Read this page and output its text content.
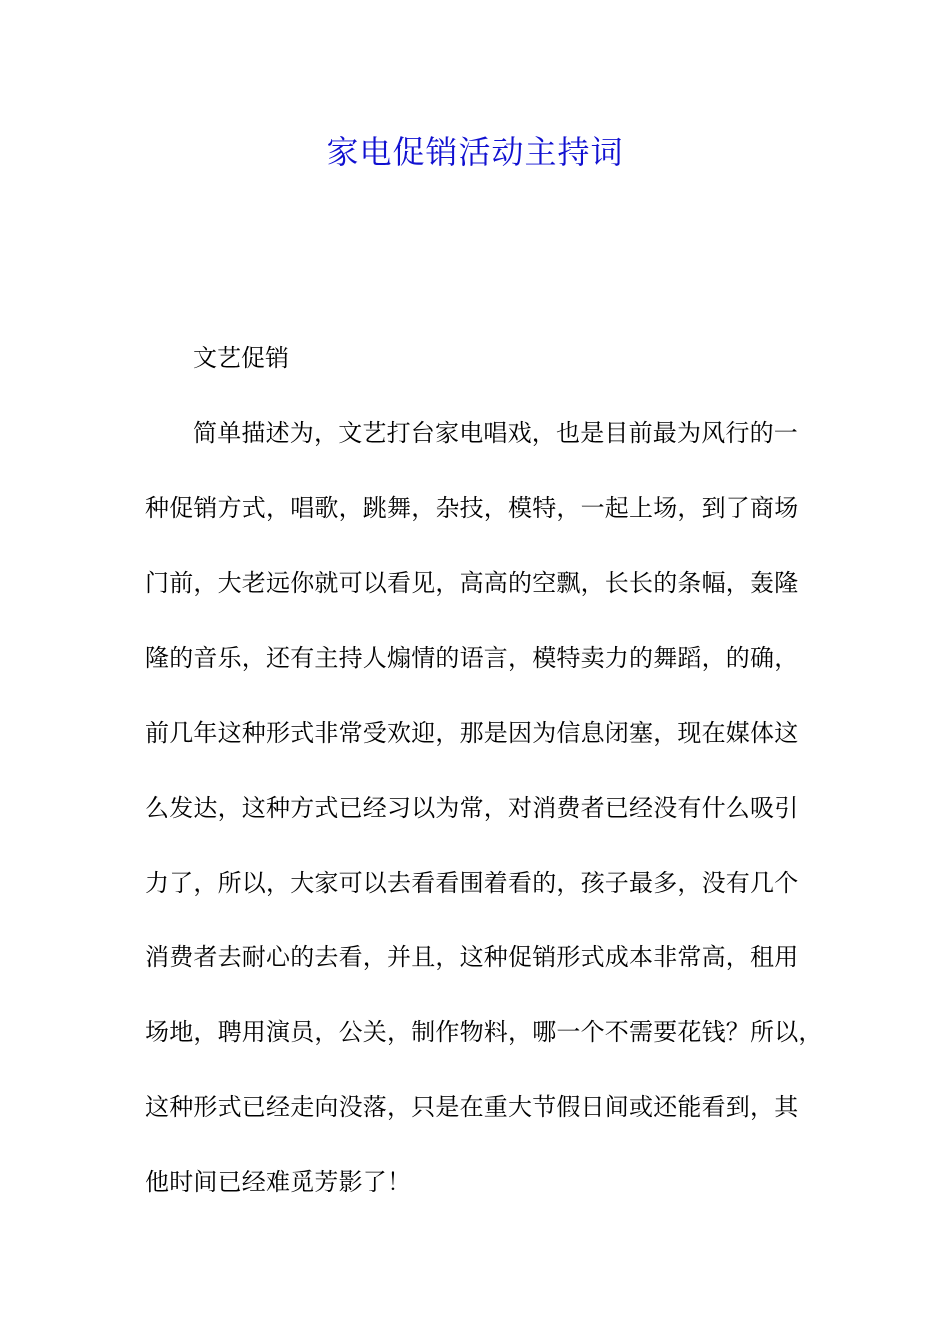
家电促销活动主持词

文艺促销

简单描述为，文艺打台家电唱戏，也是目前最为风行的一

种促销方式，唱歌，跳舞，杂技，模特，一起上场，到了商场

门前，大老远你就可以看见，高高的空飘，长长的条幅，轰隆

隆的音乐，还有主持人煽情的语言，模特卖力的舞蹈，的确，

前几年这种形式非常受欢迎，那是因为信息闭塞，现在媒体这

么发达，这种方式已经习以为常，对消费者已经没有什么吸引

力了，所以，大家可以去看看围着看的，孩子最多，没有几个

消费者去耐心的去看，并且，这种促销形式成本非常高，租用

场地，聘用演员，公关，制作物料，哪一个不需要花钱？所以，

这种形式已经走向没落，只是在重大节假日间或还能看到，其

他时间已经难觅芳影了！
